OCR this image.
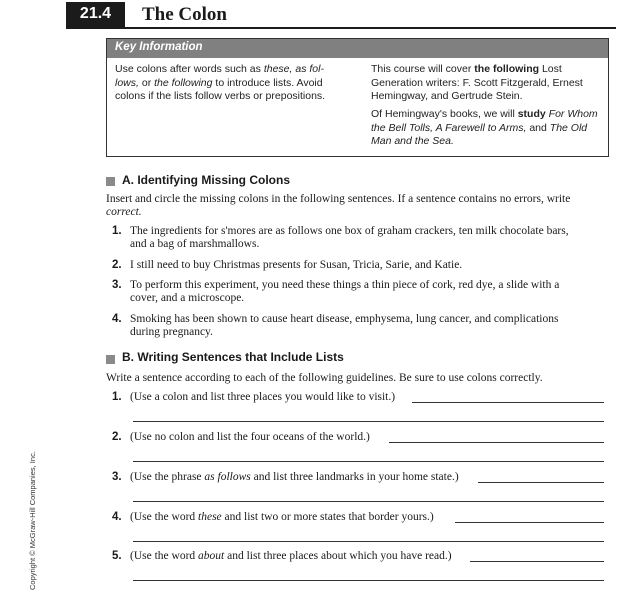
21.4	The Colon
Key Information
Use colons after words such as these, as fol-lows, or the following to introduce lists. Avoid colons if the lists follow verbs or prepositions.
This course will cover the following Lost Generation writers: F. Scott Fitzgerald, Ernest Hemingway, and Gertrude Stein.
Of Hemingway's books, we will study For Whom the Bell Tolls, A Farewell to Arms, and The Old Man and the Sea.
A. Identifying Missing Colons
Insert and circle the missing colons in the following sentences. If a sentence contains no errors, write correct.
1. The ingredients for s'mores are as follows one box of graham crackers, ten milk chocolate bars, and a bag of marshmallows.
2. I still need to buy Christmas presents for Susan, Tricia, Sarie, and Katie.
3. To perform this experiment, you need these things a thin piece of cork, red dye, a slide with a cover, and a microscope.
4. Smoking has been shown to cause heart disease, emphysema, lung cancer, and complications during pregnancy.
B. Writing Sentences that Include Lists
Write a sentence according to each of the following guidelines. Be sure to use colons correctly.
1. (Use a colon and list three places you would like to visit.)
2. (Use no colon and list the four oceans of the world.)
3. (Use the phrase as follows and list three landmarks in your home state.)
4. (Use the word these and list two or more states that border yours.)
5. (Use the word about and list three places about which you have read.)
Copyright © McGraw-Hill Companies, Inc.
